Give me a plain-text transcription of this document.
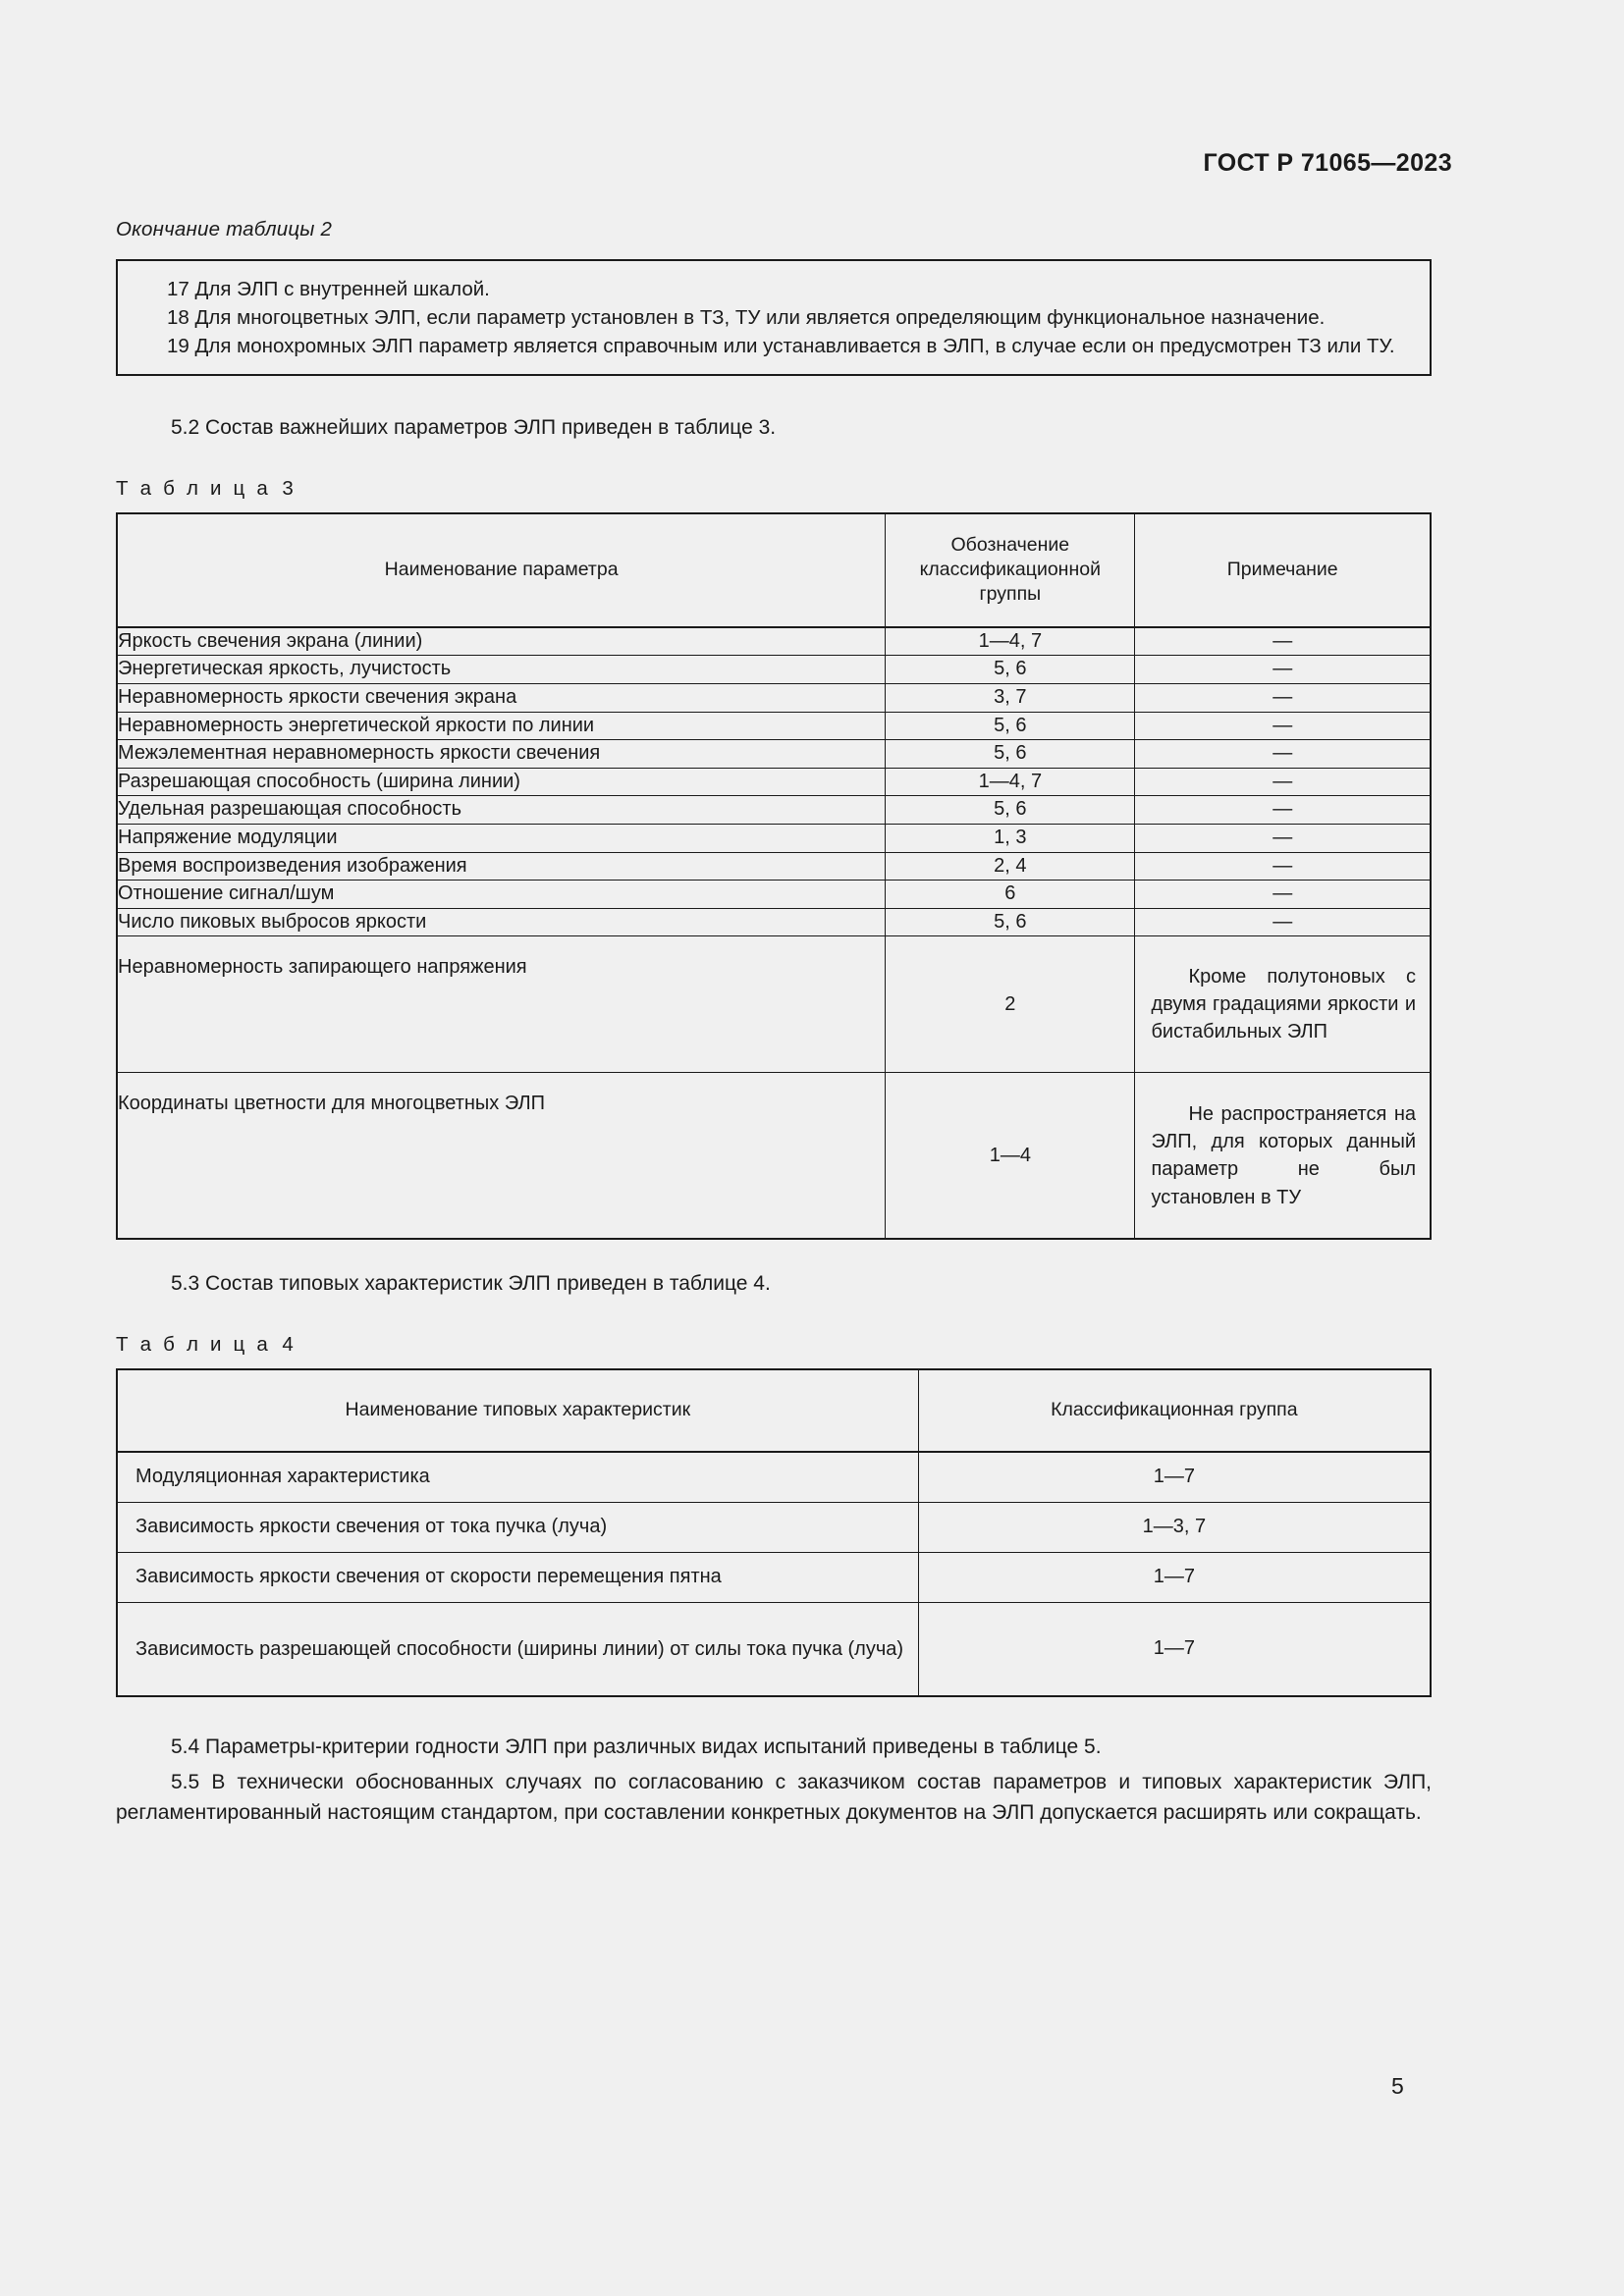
ГОСТ Р 71065—2023

Окончание таблицы 2

17 Для ЭЛП с внутренней шкалой.

18 Для многоцветных ЭЛП, если параметр установлен в ТЗ, ТУ или является определяющим функциональное назначение.

19 Для монохромных ЭЛП параметр является справочным или устанавливается в ЭЛП, в случае если он предусмотрен ТЗ или ТУ.

5.2 Состав важнейших параметров ЭЛП приведен в таблице 3.

Т а б л и ц а 3

Наименование параметра	Обозначение классификационной группы	Примечание

Яркость свечения экрана (линии)	1—4, 7	—
Энергетическая яркость, лучистость	5, 6	—
Неравномерность яркости свечения экрана	3, 7	—
Неравномерность энергетической яркости по линии	5, 6	—
Межэлементная неравномерность яркости свечения	5, 6	—
Разрешающая способность (ширина линии)	1—4, 7	—
Удельная разрешающая способность	5, 6	—
Напряжение модуляции	1, 3	—
Время воспроизведения изображения	2, 4	—
Отношение сигнал/шум	6	—
Число пиковых выбросов яркости	5, 6	—
Неравномерность запирающего напряжения	2	Кроме полутоновых с двумя градациями яркости и бистабильных ЭЛП
Координаты цветности для многоцветных ЭЛП	1—4	Не распространяется на ЭЛП, для которых данный параметр не был установлен в ТУ

5.3 Состав типовых характеристик ЭЛП приведен в таблице 4.

Т а б л и ц а 4

Наименование типовых характеристик	Классификационная группа

Модуляционная характеристика	1—7
Зависимость яркости свечения от тока пучка (луча)	1—3, 7
Зависимость яркости свечения от скорости перемещения пятна	1—7
Зависимость разрешающей способности (ширины линии) от силы тока пучка (луча)	1—7

5.4 Параметры-критерии годности ЭЛП при различных видах испытаний приведены в таблице 5.

5.5 В технически обоснованных случаях по согласованию с заказчиком состав параметров и типовых характеристик ЭЛП, регламентированный настоящим стандартом, при составлении конкретных документов на ЭЛП допускается расширять или сокращать.

5
